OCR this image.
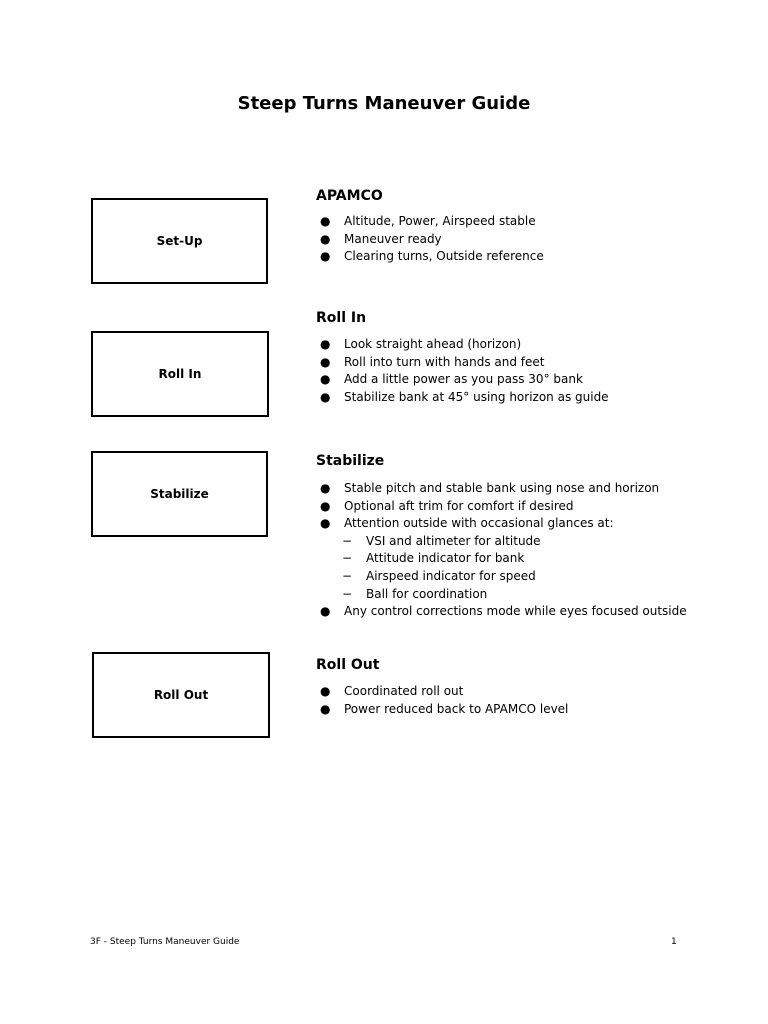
Steep Turns Maneuver Guide
Set-Up
APAMCO
● Altitude, Power, Airspeed stable
● Maneuver ready
● Clearing turns, Outside reference
Roll In
Roll In
● Look straight ahead (horizon)
● Roll into turn with hands and feet
● Add a little power as you pass 30° bank
● Stabilize bank at 45° using horizon as guide
Stabilize
Stabilize
● Stable pitch and stable bank using nose and horizon
● Optional aft trim for comfort if desired
● Attention outside with occasional glances at:
−	VSI and altimeter for altitude
−	Attitude indicator for bank
−	Airspeed indicator for speed
−	Ball for coordination
● Any control corrections mode while eyes focused outside
Roll Out
Roll Out
● Coordinated roll out
● Power reduced back to APAMCO level
3F - Steep Turns Maneuver Guide	1
